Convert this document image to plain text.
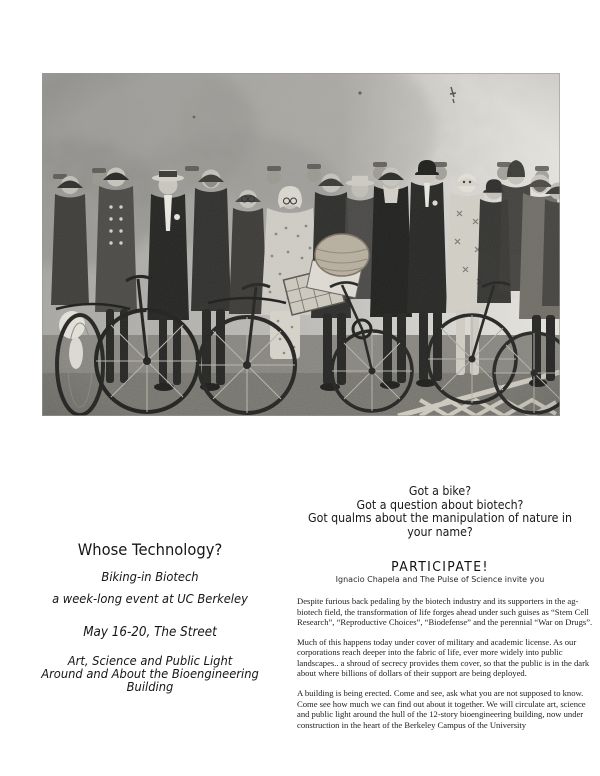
Got a bike?
Got a question about biotech?
Got qualms about the manipulation of nature in
your name?
PARTICIPATE!
Ignacio Chapela and The Pulse of Science invite you

Despite furious back pedaling by the biotech industry and its supporters in the ag-biotech field, the transformation of life forges ahead under such guises as “Stem Cell Research”, “Reproductive Choices”, “Biodefense” and the perennial “War on Drugs”.

Much of this happens today under cover of military and academic license. As our corporations reach deeper into the fabric of life, ever more widely into public landscapes.. a shroud of secrecy provides them cover, so that the public is in the dark about where billions of dollars of their support are being deployed.

A building is being erected. Come and see, ask what you are not supposed to know. Come see how much we can find out about it together. We will circulate art, science and public light around the hull of the 12-story bioengineering building, now under construction in the heart of the Berkeley Campus of the University

Whose Technology?
Biking-in Biotech
a week-long event at UC Berkeley
May 16-20, The Street
Art, Science and Public Light
Around and About the Bioengineering Building
